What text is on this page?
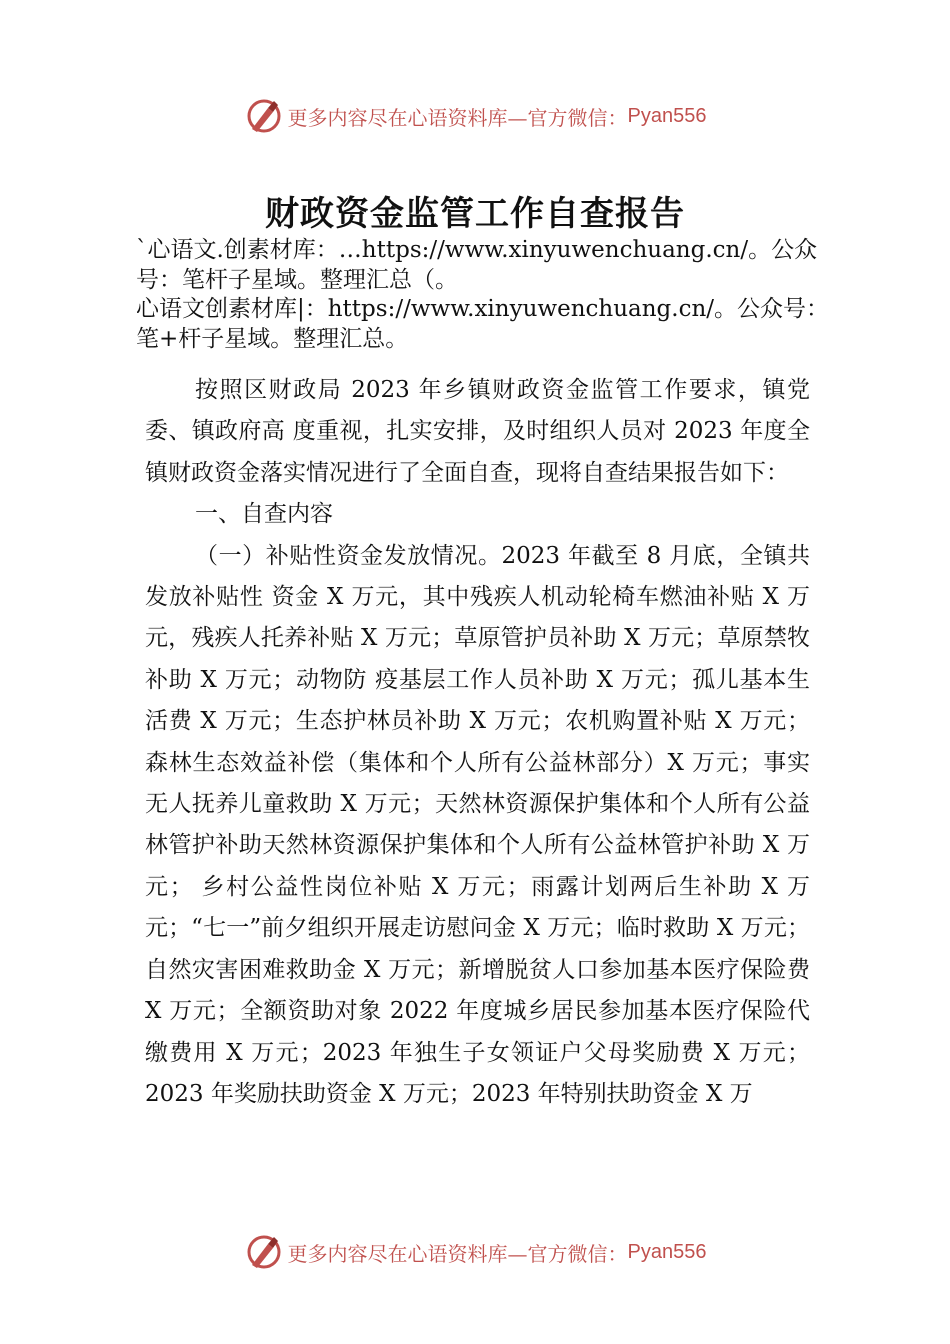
更多内容尽在心语资料库—官方微信： Pyan556
财政资金监管工作自查报告

`心语文.创素材库：…https://www.xinyuwenchuang.cn/。公众号：笔杆子星域。整理汇总（。

心语文创素材库|：https://www.xinyuwenchuang.cn/。公众号：笔+杆子星域。整理汇总。

按照区财政局 2023 年乡镇财政资金监管工作要求，镇党委、镇政府高 度重视，扎实安排，及时组织人员对 2023 年度全镇财政资金落实情况进行了全面自查，现将自查结果报告如下：

一、自查内容

（一）补贴性资金发放情况。2023 年截至 8 月底，全镇共发放补贴性 资金 X 万元，其中残疾人机动轮椅车燃油补贴 X 万元，残疾人托养补贴 X 万元；草原管护员补助 X 万元；草原禁牧补助 X 万元；动物防 疫基层工作人员补助 X 万元；孤儿基本生活费 X 万元；生态护林员补助 X 万元；农机购置补贴 X 万元；森林生态效益补偿（集体和个人所有公益林部分）X 万元；事实无人抚养儿童救助 X 万元；天然林资源保护集体和个人所有公益林管护补助天然林资源保护集体和个人所有公益林管护补助 X 万元； 乡村公益性岗位补贴 X 万元；雨露计划两后生补助 X 万元；“七一”前夕组织开展走访慰问金 X 万元；临时救助 X 万元；自然灾害困难救助金 X 万元；新增脱贫人口参加基本医疗保险费 X 万元；全额资助对象 2022 年度城乡居民参加基本医疗保险代缴费用 X 万元；2023 年独生子女领证户父母奖励费 X 万元；2023 年奖励扶助资金 X 万元；2023 年特别扶助资金 X 万

更多内容尽在心语资料库—官方微信： Pyan556
